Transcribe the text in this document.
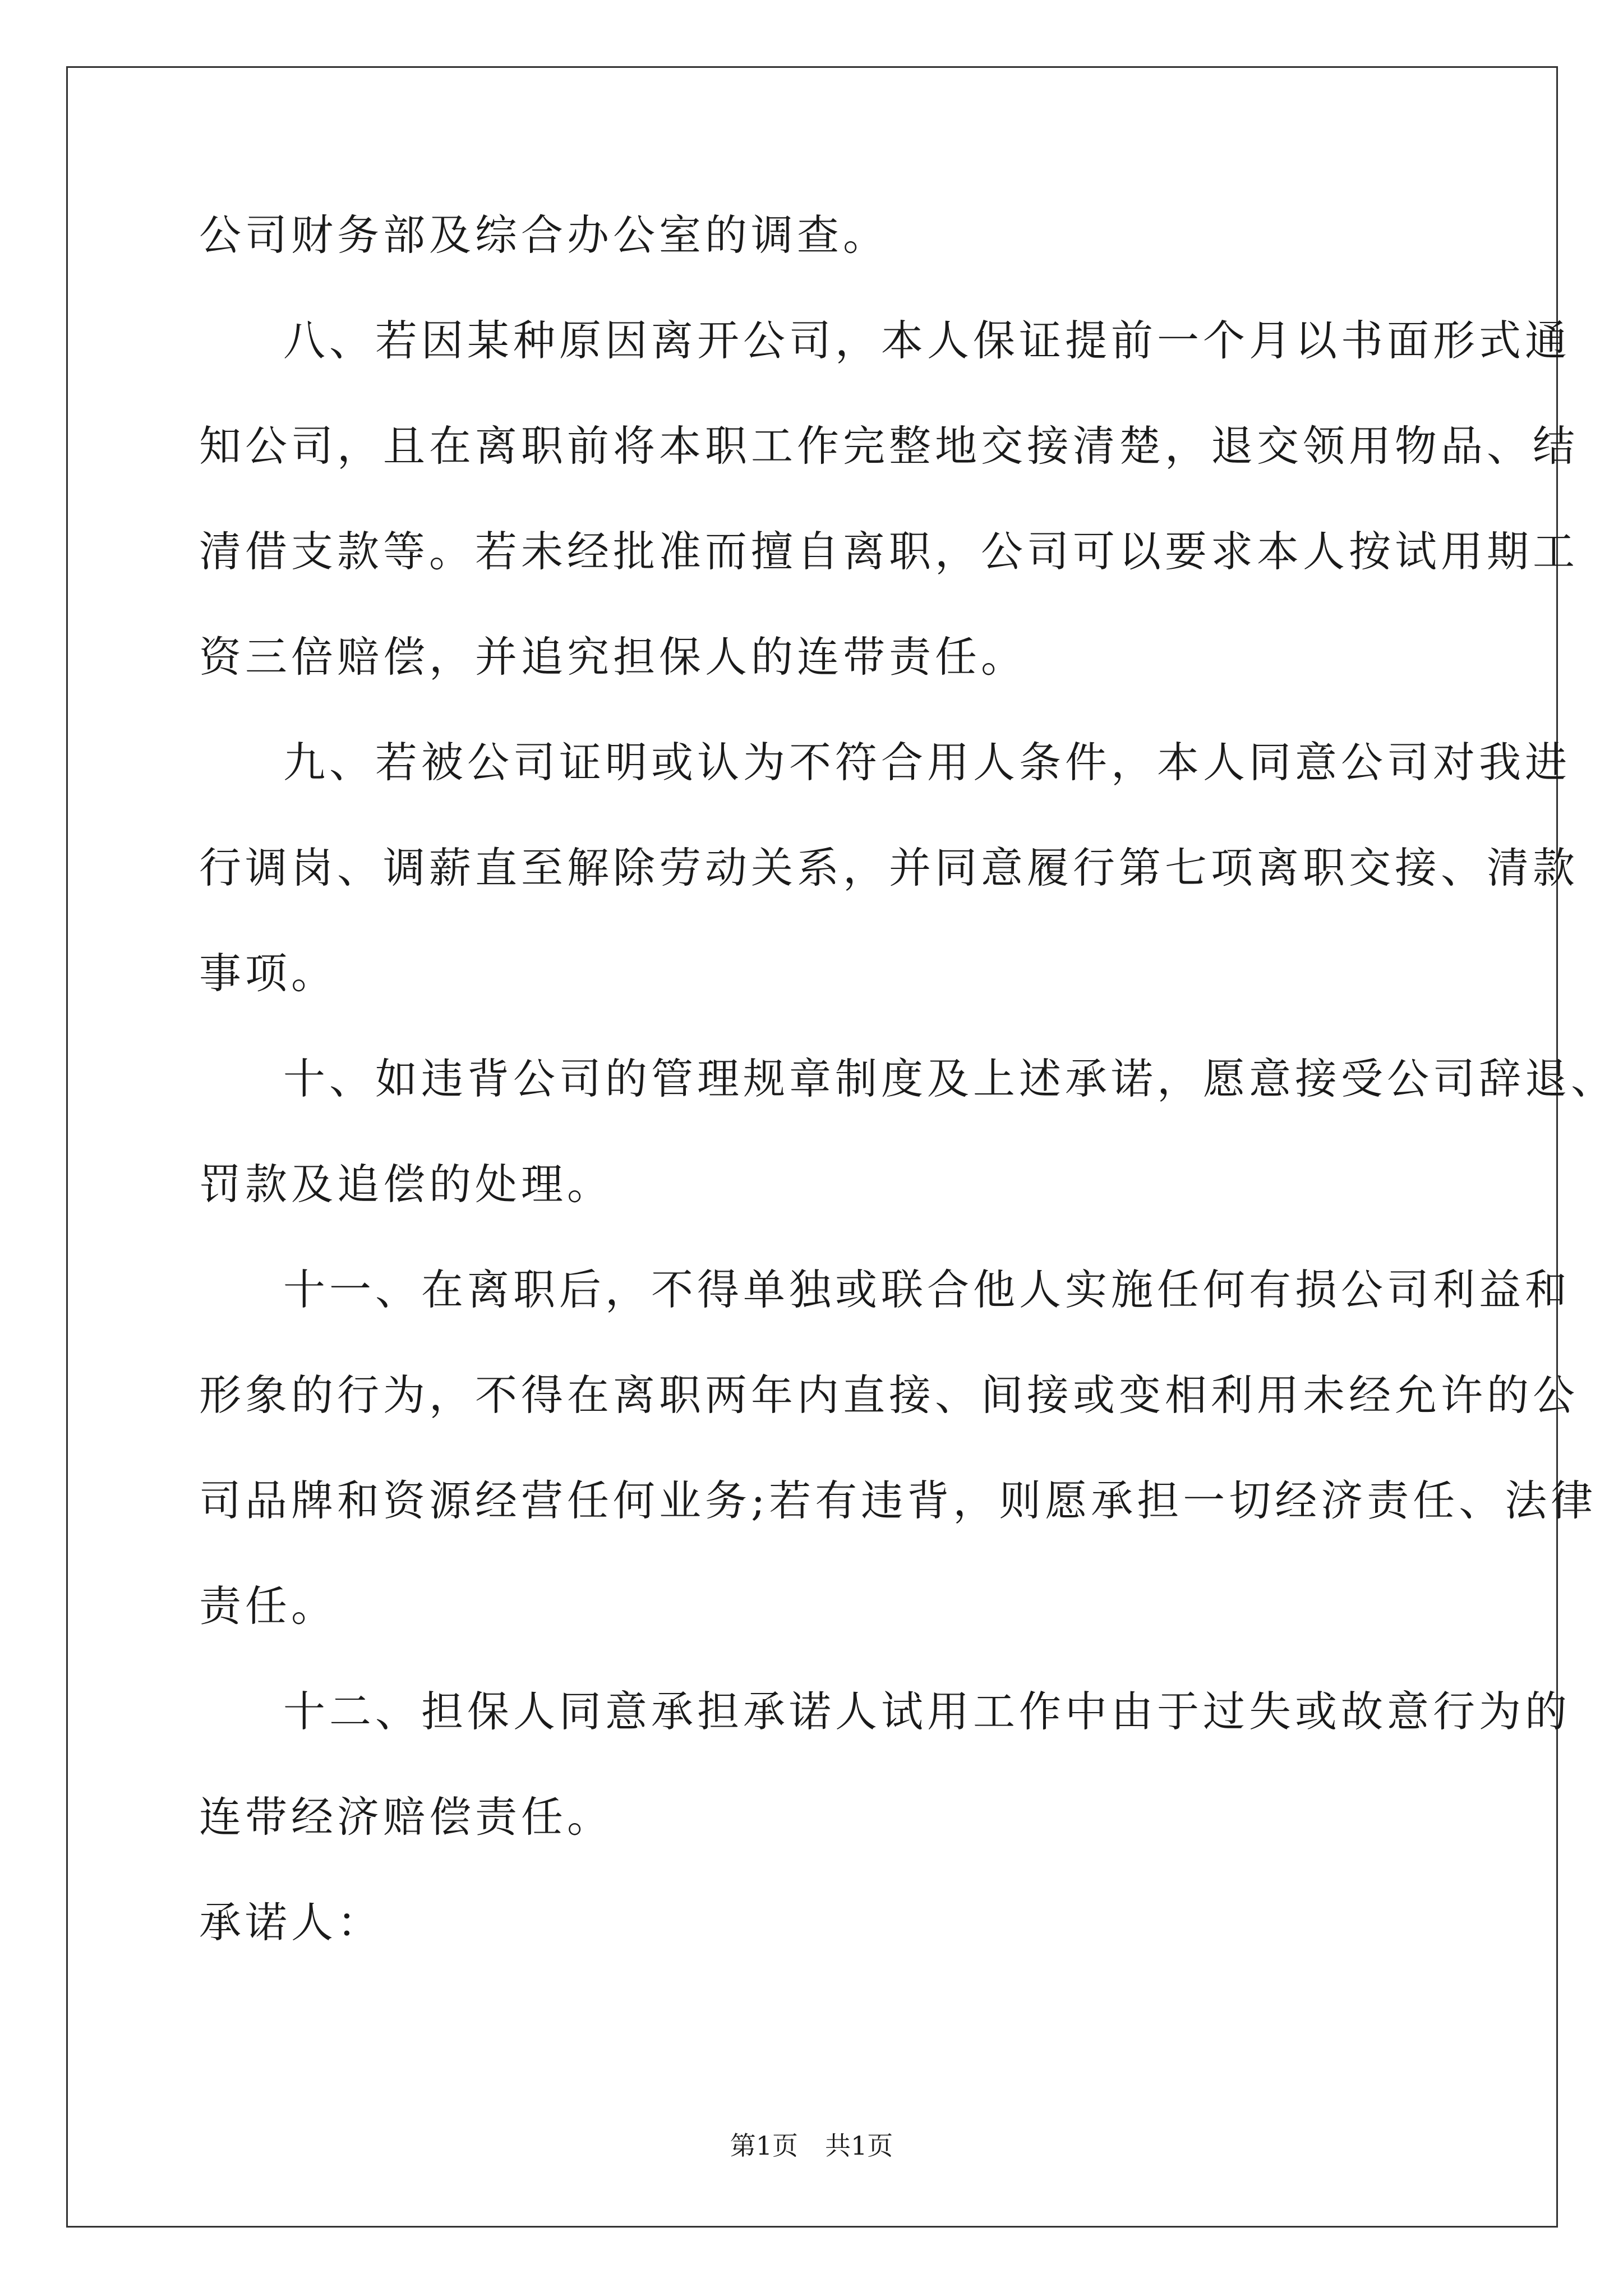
公司财务部及综合办公室的调查。
八、若因某种原因离开公司，本人保证提前一个月以书面形式通
知公司，且在离职前将本职工作完整地交接清楚，退交领用物品、结
清借支款等。若未经批准而擅自离职，公司可以要求本人按试用期工
资三倍赔偿，并追究担保人的连带责任。
九、若被公司证明或认为不符合用人条件，本人同意公司对我进
行调岗、调薪直至解除劳动关系，并同意履行第七项离职交接、清款
事项。
十、如违背公司的管理规章制度及上述承诺，愿意接受公司辞退、
罚款及追偿的处理。
十一、在离职后，不得单独或联合他人实施任何有损公司利益和
形象的行为，不得在离职两年内直接、间接或变相利用未经允许的公
司品牌和资源经营任何业务;若有违背，则愿承担一切经济责任、法律
责任。
十二、担保人同意承担承诺人试用工作中由于过失或故意行为的
连带经济赔偿责任。
承诺人：
第1页 共1页
